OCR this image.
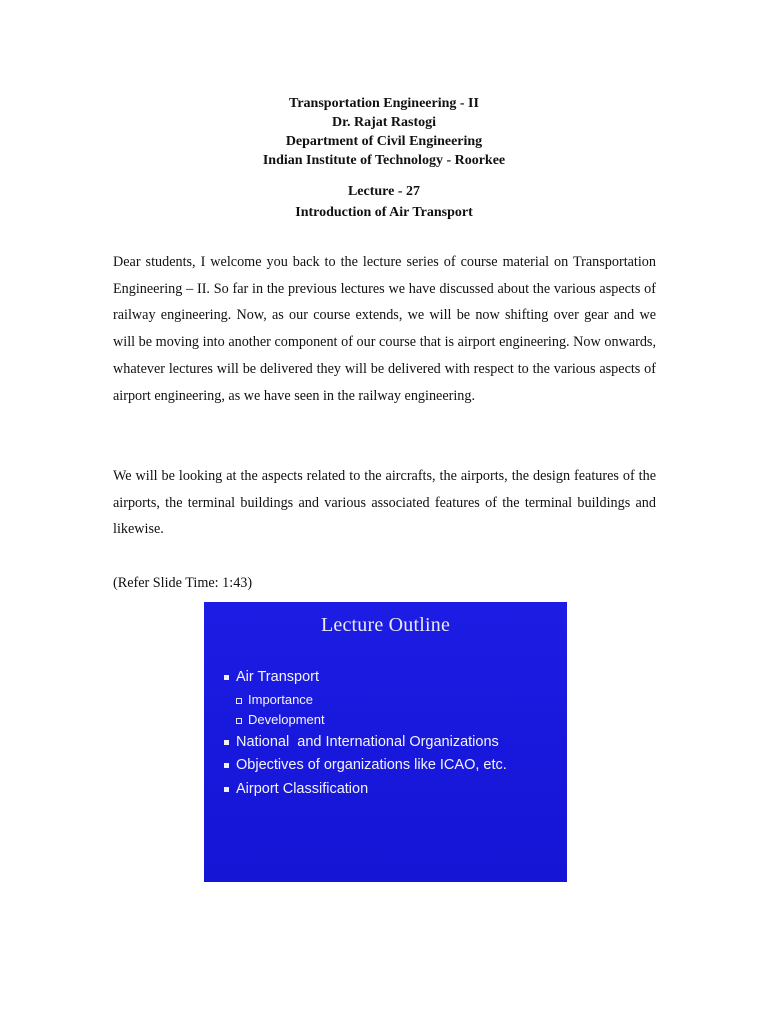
Transportation Engineering - II
Dr. Rajat Rastogi
Department of Civil Engineering
Indian Institute of Technology - Roorkee
Lecture - 27
Introduction of Air Transport

Dear students, I welcome you back to the lecture series of course material on Transportation Engineering – II. So far in the previous lectures we have discussed about the various aspects of railway engineering. Now, as our course extends, we will be now shifting over gear and we will be moving into another component of our course that is airport engineering. Now onwards, whatever lectures will be delivered they will be delivered with respect to the various aspects of airport engineering, as we have seen in the railway engineering.

We will be looking at the aspects related to the aircrafts, the airports, the design features of the airports, the terminal buildings and various associated features of the terminal buildings and likewise.

(Refer Slide Time: 1:43)
Lecture Outline
Air Transport
Importance
Development
National  and International Organizations
Objectives of organizations like ICAO, etc.
Airport Classification
